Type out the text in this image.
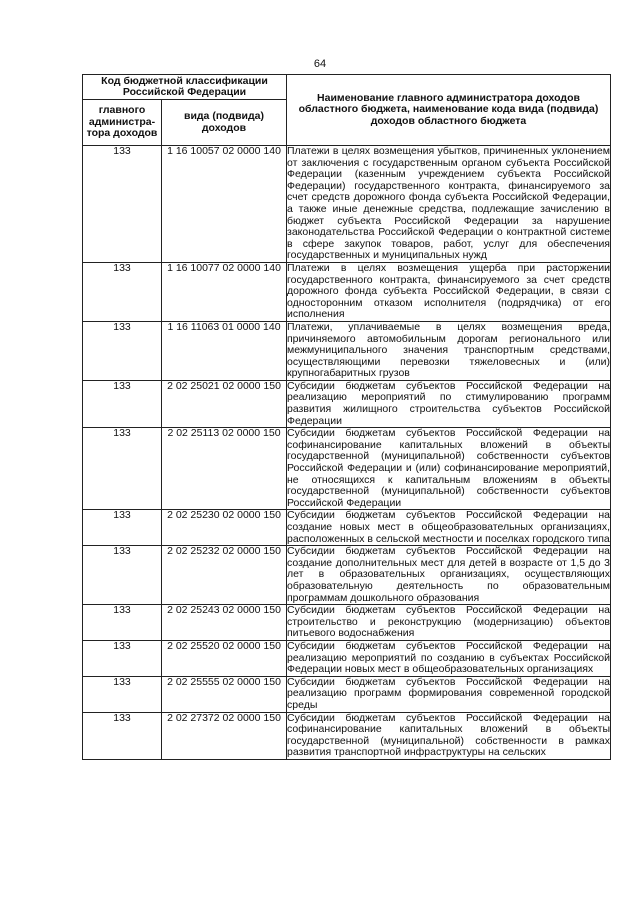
64
Код бюджетной классификации Российской Федерации		Наименование главного администратора доходов областного бюджета, наименование кода вида (подвида) доходов областного бюджета
главного администра-тора доходов	вида (подвида) доходов	
133	1 16 10057 02 0000 140	Платежи в целях возмещения убытков, причиненных уклонением от заключения с государственным органом субъекта Российской Федерации (казенным учреждением субъекта Российской Федерации) государственного контракта, финансируемого за счет средств дорожного фонда субъекта Российской Федерации, а также иные денежные средства, подлежащие зачислению в бюджет субъекта Российской Федерации за нарушение законодательства Российской Федерации о контрактной системе в сфере закупок товаров, работ, услуг для обеспечения государственных и муниципальных нужд
133	1 16 10077 02 0000 140	Платежи в целях возмещения ущерба при расторжении государственного контракта, финансируемого за счет средств дорожного фонда субъекта Российской Федерации, в связи с односторонним отказом исполнителя (подрядчика) от его исполнения
133	1 16 11063 01 0000 140	Платежи, уплачиваемые в целях возмещения вреда, причиняемого автомобильным дорогам регионального или межмуниципального значения транспортным средствами, осуществляющими перевозки тяжеловесных и (или) крупногабаритных грузов
133	2 02 25021 02 0000 150	Субсидии бюджетам субъектов Российской Федерации на реализацию мероприятий по стимулированию программ развития жилищного строительства субъектов Российской Федерации
133	2 02 25113 02 0000 150	Субсидии бюджетам субъектов Российской Федерации на софинансирование капитальных вложений в объекты государственной (муниципальной) собственности субъектов Российской Федерации и (или) софинансирование мероприятий, не относящихся к капитальным вложениям в объекты государственной (муниципальной) собственности субъектов Российской Федерации
133	2 02 25230 02 0000 150	Субсидии бюджетам субъектов Российской Федерации на создание новых мест в общеобразовательных организациях, расположенных в сельской местности и поселках городского типа
133	2 02 25232 02 0000 150	Субсидии бюджетам субъектов Российской Федерации на создание дополнительных мест для детей в возрасте от 1,5 до 3 лет в образовательных организациях, осуществляющих образовательную деятельность по образовательным программам дошкольного образования
133	2 02 25243 02 0000 150	Субсидии бюджетам субъектов Российской Федерации на строительство и реконструкцию (модернизацию) объектов питьевого водоснабжения
133	2 02 25520 02 0000 150	Субсидии бюджетам субъектов Российской Федерации на реализацию мероприятий по созданию в субъектах Российской Федерации новых мест в общеобразовательных организациях
133	2 02 25555 02 0000 150	Субсидии бюджетам субъектов Российской Федерации на реализацию программ формирования современной городской среды
133	2 02 27372 02 0000 150	Субсидии бюджетам субъектов Российской Федерации на софинансирование капитальных вложений в объекты государственной (муниципальной) собственности в рамках развития транспортной инфраструктуры на сельских
